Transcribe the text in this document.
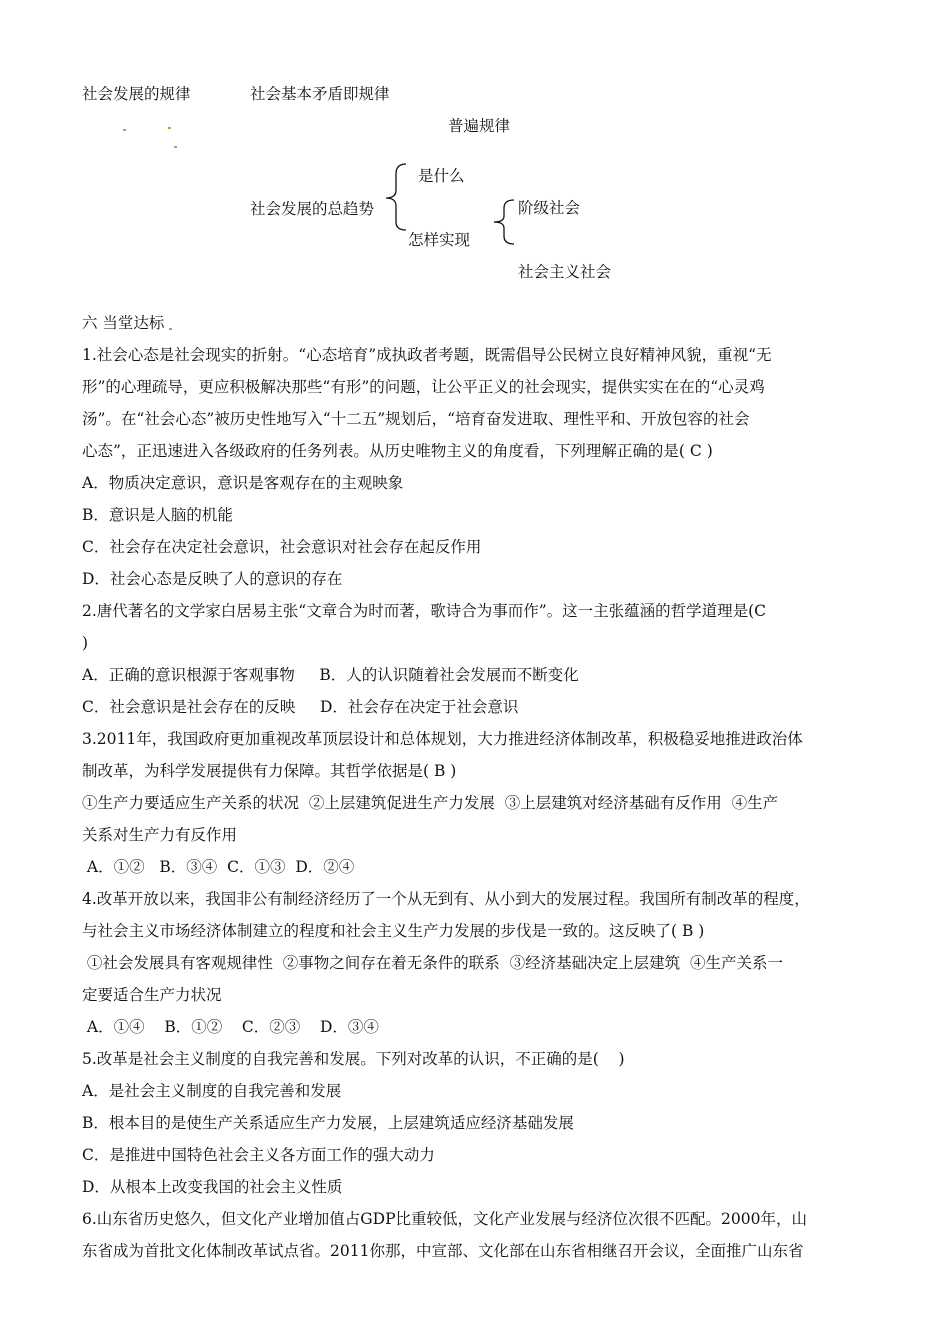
社会发展的规律	社会基本矛盾即规律
普遍规律
是什么
社会发展的总趋势	阶级社会
怎样实现
社会主义社会
六 当堂达标
1.社会心态是社会现实的折射。“心态培育”成执政者考题，既需倡导公民树立良好精神风貌，重视“无
形”的心理疏导，更应积极解决那些“有形”的问题，让公平正义的社会现实，提供实实在在的“心灵鸡
汤”。在“社会心态”被历史性地写入“十二五”规划后，“培育奋发进取、理性平和、开放包容的社会
心态”，正迅速进入各级政府的任务列表。从历史唯物主义的角度看，下列理解正确的是( C )
A．物质决定意识，意识是客观存在的主观映象
B．意识是人脑的机能
C．社会存在决定社会意识，社会意识对社会存在起反作用
D．社会心态是反映了人的意识的存在
2.唐代著名的文学家白居易主张“文章合为时而著，歌诗合为事而作”。这一主张蕴涵的哲学道理是(C
)
A．正确的意识根源于客观事物     B．人的认识随着社会发展而不断变化
C．社会意识是社会存在的反映     D．社会存在决定于社会意识
3.2011年，我国政府更加重视改革顶层设计和总体规划，大力推进经济体制改革，积极稳妥地推进政治体
制改革，为科学发展提供有力保障。其哲学依据是( B )
①生产力要适应生产关系的状况  ②上层建筑促进生产力发展  ③上层建筑对经济基础有反作用  ④生产
关系对生产力有反作用
A．①②   B．③④  C．①③  D．②④
4.改革开放以来，我国非公有制经济经历了一个从无到有、从小到大的发展过程。我国所有制改革的程度，
与社会主义市场经济体制建立的程度和社会主义生产力发展的步伐是一致的。这反映了( B )
①社会发展具有客观规律性  ②事物之间存在着无条件的联系  ③经济基础决定上层建筑  ④生产关系一
定要适合生产力状况
A．①④    B．①②    C．②③    D．③④
5.改革是社会主义制度的自我完善和发展。下列对改革的认识，不正确的是(    )
A．是社会主义制度的自我完善和发展
B．根本目的是使生产关系适应生产力发展，上层建筑适应经济基础发展
C．是推进中国特色社会主义各方面工作的强大动力
D．从根本上改变我国的社会主义性质
6.山东省历史悠久，但文化产业增加值占GDP比重较低，文化产业发展与经济位次很不匹配。2000年，山
东省成为首批文化体制改革试点省。2011你那，中宣部、文化部在山东省相继召开会议，全面推广山东省
